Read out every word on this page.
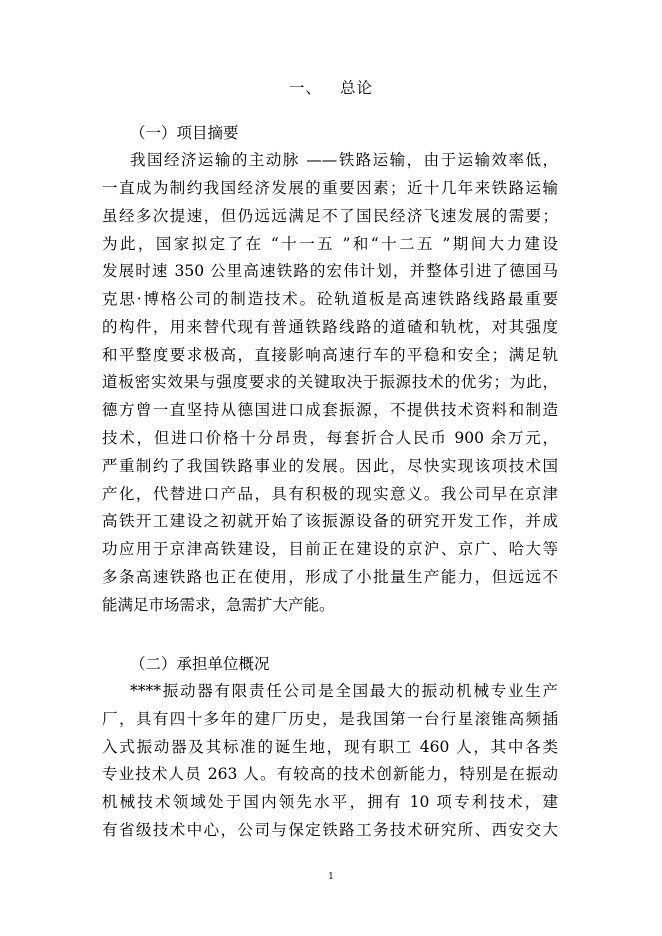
一、 总论
（一）项目摘要
我国经济运输的主动脉 ——铁路运输，由于运输效率低，
一直成为制约我国经济发展的重要因素；近十几年来铁路运输
虽经多次提速，但仍远远满足不了国民经济飞速发展的需要；
为此，国家拟定了在 “十一五 ”和“十二五 ”期间大力建设
发展时速 350 公里高速铁路的宏伟计划，并整体引进了德国马
克思·博格公司的制造技术。砼轨道板是高速铁路线路最重要
的构件，用来替代现有普通铁路线路的道碴和轨枕，对其强度
和平整度要求极高，直接影响高速行车的平稳和安全；满足轨
道板密实效果与强度要求的关键取决于振源技术的优劣；为此，
德方曾一直坚持从德国进口成套振源，不提供技术资料和制造
技术，但进口价格十分昂贵，每套折合人民币 900 余万元，
严重制约了我国铁路事业的发展。因此，尽快实现该项技术国
产化，代替进口产品，具有积极的现实意义。我公司早在京津
高铁开工建设之初就开始了该振源设备的研究开发工作，并成
功应用于京津高铁建设，目前正在建设的京沪、京广、哈大等
多条高速铁路也正在使用，形成了小批量生产能力，但远远不
能满足市场需求，急需扩大产能。
（二）承担单位概况
****振动器有限责任公司是全国最大的振动机械专业生产
厂，具有四十多年的建厂历史，是我国第一台行星滚锥高频插
入式振动器及其标准的诞生地，现有职工 460 人，其中各类
专业技术人员 263 人。有较高的技术创新能力，特别是在振动
机械技术领域处于国内领先水平，拥有 10 项专利技术，建
有省级技术中心，公司与保定铁路工务技术研究所、西安交大
1
